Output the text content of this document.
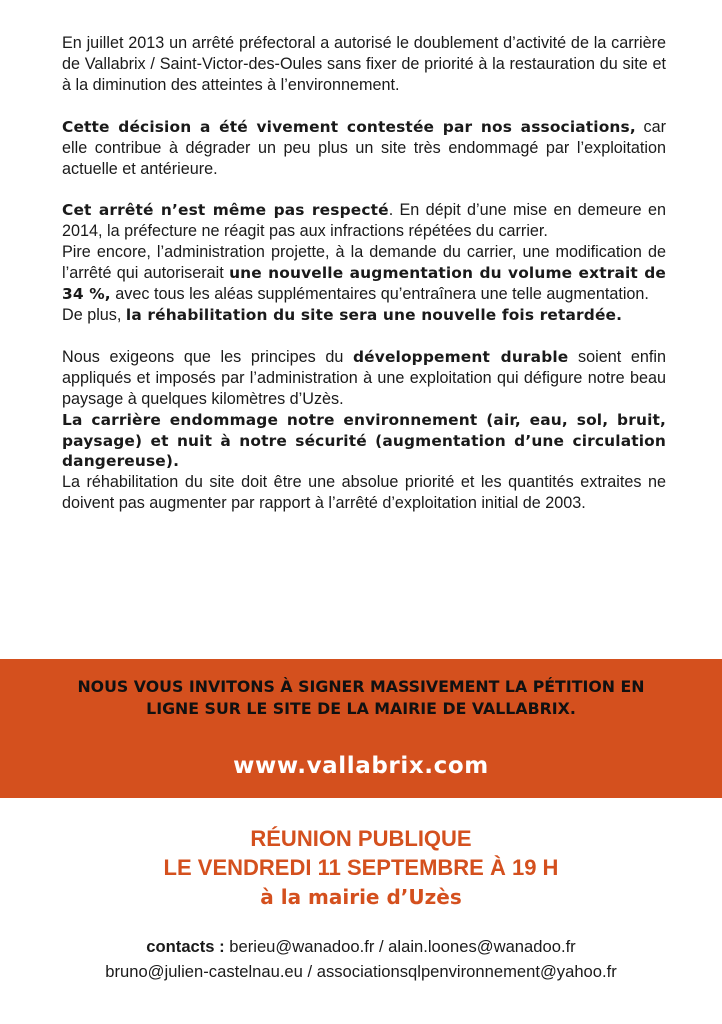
En juillet 2013 un arrêté préfectoral a autorisé le doublement d’activité de la carrière de Vallabrix / Saint-Victor-des-Oules sans fixer de priorité à la restauration du site et à la diminution des atteintes à l’environnement.

Cette décision a été vivement contestée par nos associations, car elle contribue à dégrader un peu plus un site très endommagé par l’exploitation actuelle et antérieure.

Cet arrêté n’est même pas respecté. En dépit d’une mise en demeure en 2014, la préfecture ne réagit pas aux infractions répétées du carrier.

Pire encore, l’administration projette, à la demande du carrier, une modification de l’arrêté qui autoriserait une nouvelle augmentation du volume extrait de 34 %, avec tous les aléas supplémentaires qu’entraînera une telle augmentation.

De plus, la réhabilitation du site sera une nouvelle fois retardée.

Nous exigeons que les principes du développement durable soient enfin appliqués et imposés par l’administration à une exploitation qui défigure notre beau paysage à quelques kilomètres d’Uzès.

La carrière endommage notre environnement (air, eau, sol, bruit, paysage) et nuit à notre sécurité (augmentation d’une circulation dangereuse).

La réhabilitation du site doit être une absolue priorité et les quantités extraites ne doivent pas augmenter par rapport à l’arrêté d’exploitation initial de 2003.

NOUS VOUS INVITONS À SIGNER MASSIVEMENT LA PÉTITION EN LIGNE SUR LE SITE DE LA MAIRIE DE VALLABRIX.
www.vallabrix.com
RÉUNION PUBLIQUE
LE VENDREDI 11 SEPTEMBRE À 19 H
à la mairie d’Uzès
contacts : berieu@wanadoo.fr / alain.loones@wanadoo.fr
bruno@julien-castelnau.eu / associationsqlpenvironnement@yahoo.fr
